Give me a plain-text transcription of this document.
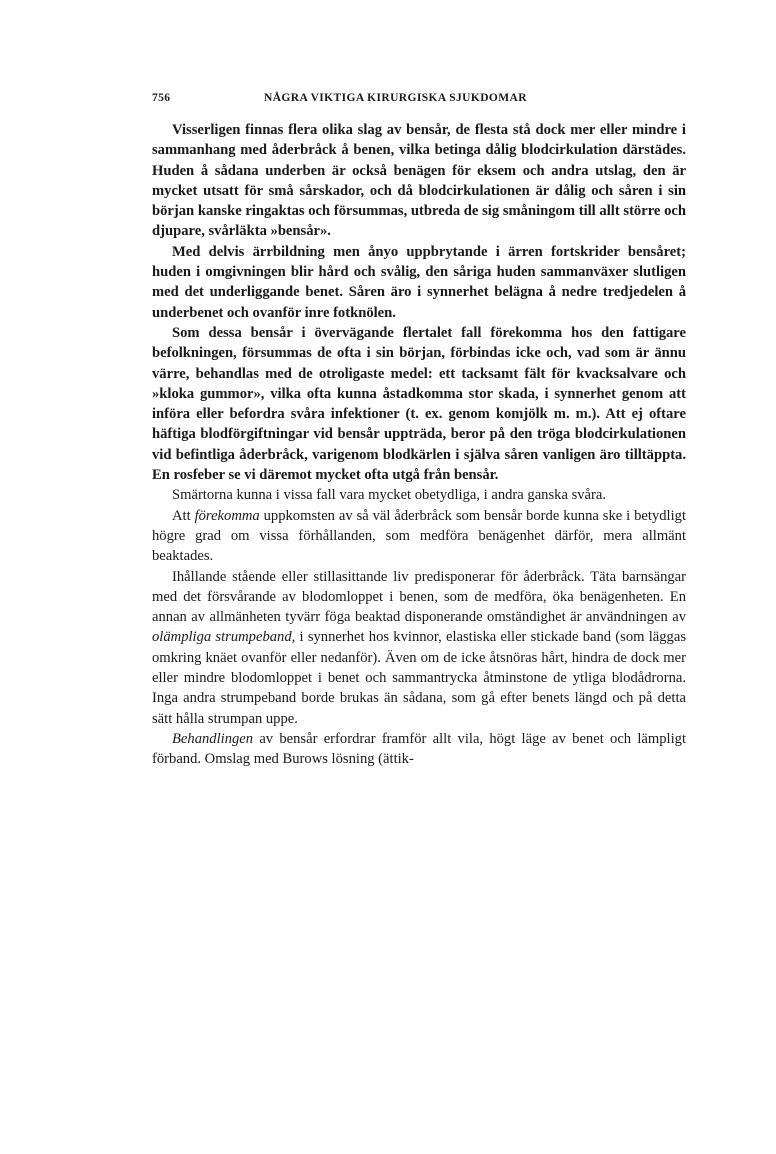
756	NÅGRA VIKTIGA KIRURGISKA SJUKDOMAR

Visserligen finnas flera olika slag av bensår, de flesta stå dock mer eller mindre i sammanhang med åderbråck å benen, vilka betinga dålig blodcirkulation därstädes. Huden å sådana underben är också benägen för eksem och andra utslag, den är mycket utsatt för små sårskador, och då blodcirkulationen är dålig och såren i sin början kanske ringaktas och försummas, utbreda de sig småningom till allt större och djupare, svårläkta »bensår».

Med delvis ärrbildning men ånyo uppbrytande i ärren fortskrider bensåret; huden i omgivningen blir hård och svålig, den såriga huden sammanväxer slutligen med det underliggande benet. Såren äro i synnerhet belägna å nedre tredjedelen å underbenet och ovanför inre fotknölen.

Som dessa bensår i övervägande flertalet fall förekomma hos den fattigare befolkningen, försummas de ofta i sin början, förbindas icke och, vad som är ännu värre, behandlas med de otroligaste medel: ett tacksamt fält för kvacksalvare och »kloka gummor», vilka ofta kunna åstadkomma stor skada, i synnerhet genom att införa eller befordra svåra infektioner (t. ex. genom komjölk m. m.). Att ej oftare häftiga blodförgiftningar vid bensår uppträda, beror på den tröga blodcirkulationen vid befintliga åderbråck, varigenom blodkärlen i själva såren vanligen äro tilltäppta. En rosfeber se vi däremot mycket ofta utgå från bensår.

Smärtorna kunna i vissa fall vara mycket obetydliga, i andra ganska svåra.

Att förekomma uppkomsten av så väl åderbråck som bensår borde kunna ske i betydligt högre grad om vissa förhållanden, som medföra benägenhet därför, mera allmänt beaktades.

Ihållande stående eller stillasittande liv predisponerar för åderbråck. Täta barnsängar med det försvårande av blodomloppet i benen, som de medföra, öka benägenheten. En annan av allmänheten tyvärr föga beaktad disponerande omständighet är användningen av olämpliga strumpeband, i synnerhet hos kvinnor, elastiska eller stickade band (som läggas omkring knäet ovanför eller nedanför). Även om de icke åtsnöras hårt, hindra de dock mer eller mindre blodomloppet i benet och sammantrycka åtminstone de ytliga blodådrorna. Inga andra strumpeband borde brukas än sådana, som gå efter benets längd och på detta sätt hålla strumpan uppe.

Behandlingen av bensår erfordrar framför allt vila, högt läge av benet och lämpligt förband. Omslag med Burows lösning (ättik-
